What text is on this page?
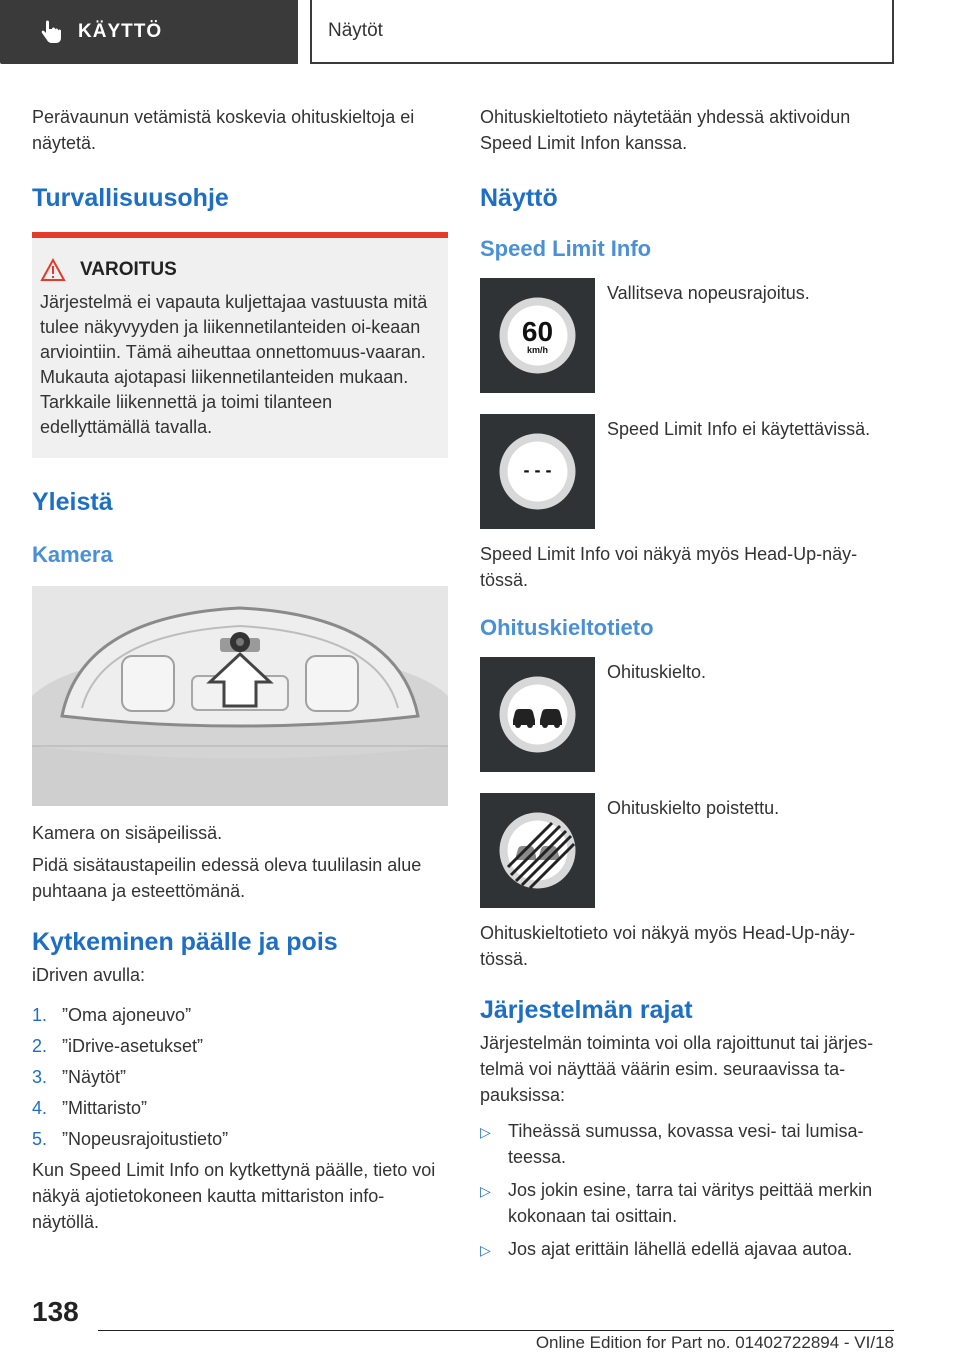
KÄYTTÖ	Näytöt

Perävaunun vetämistä koskevia ohituskieltoja ei näytetä.

Turvallisuusohje
VAROITUS

Järjestelmä ei vapauta kuljettajaa vastuusta mitä tulee näkyvyyden ja liikennetilanteiden oi-keaan arviointiin. Tämä aiheuttaa onnettomuus-vaaran. Mukauta ajotapasi liikennetilanteiden mukaan. Tarkkaile liikennettä ja toimi tilanteen edellyttämällä tavalla.

Yleistä
Kamera

Kamera on sisäpeilissä.

Pidä sisätaustapeilin edessä oleva tuulilasin alue puhtaana ja esteettömänä.

Kytkeminen päälle ja pois

iDriven avulla:

1. ”Oma ajoneuvo”
2. ”iDrive-asetukset”
3. ”Näytöt”
4. ”Mittaristo”
5. ”Nopeusrajoitustieto”

Kun Speed Limit Info on kytkettynä päälle, tieto voi näkyä ajotietokoneen kautta mittariston info-näytöllä.

Ohituskieltotieto näytetään yhdessä aktivoidun Speed Limit Infon kanssa.

Näyttö
Speed Limit Info
60
km/h

Vallitseva nopeusrajoitus.

- - -

Speed Limit Info ei käytettävissä.

Speed Limit Info voi näkyä myös Head-Up-näy-tössä.

Ohituskieltotieto

Ohituskielto.

Ohituskielto poistettu.

Ohituskieltotieto voi näkyä myös Head-Up-näy-tössä.

Järjestelmän rajat

Järjestelmän toiminta voi olla rajoittunut tai järjes-telmä voi näyttää väärin esim. seuraavissa ta-pauksissa:

▷ Tiheässä sumussa, kovassa vesi- tai lumisa-teessa.
▷ Jos jokin esine, tarra tai väritys peittää merkin kokonaan tai osittain.
▷ Jos ajat erittäin lähellä edellä ajavaa autoa.
138
Online Edition for Part no. 01402722894 - VI/18
